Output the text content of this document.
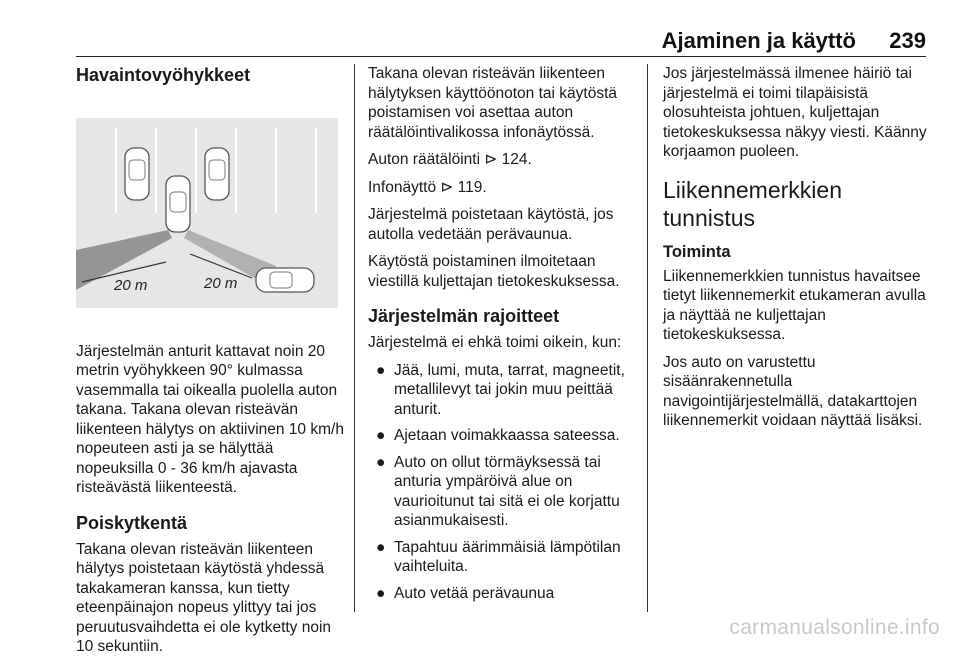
Ajaminen ja käyttö 239
Havaintovyöhykkeet
20 m	20 m

Järjestelmän anturit kattavat noin 20 metrin vyöhykkeen 90° kulmassa vasemmalla tai oikealla puolella auton takana. Takana olevan risteävän liikenteen hälytys on aktiivinen 10 km/h nopeuteen asti ja se hälyttää nopeuksilla 0 - 36 km/h ajavasta risteävästä liikenteestä.

Poiskytkentä

Takana olevan risteävän liikenteen hälytys poistetaan käytöstä yhdessä takakameran kanssa, kun tietty eteenpäinajon nopeus ylittyy tai jos peruutusvaihdetta ei ole kytketty noin 10 sekuntiin.

Takana olevan risteävän liikenteen hälytyksen käyttöönoton tai käytöstä poistamisen voi asettaa auton räätälöintivalikossa infonäytössä.

Auton räätälöinti ⊳ 124.

Infonäyttö ⊳ 119.

Järjestelmä poistetaan käytöstä, jos autolla vedetään perävaunua.

Käytöstä poistaminen ilmoitetaan viestillä kuljettajan tietokeskuksessa.

Järjestelmän rajoitteet

Järjestelmä ei ehkä toimi oikein, kun:

● Jää, lumi, muta, tarrat, magneetit, metallilevyt tai jokin muu peittää anturit.
● Ajetaan voimakkaassa sateessa.
● Auto on ollut törmäyksessä tai anturia ympäröivä alue on vaurioitunut tai sitä ei ole korjattu asianmukaisesti.
● Tapahtuu äärimmäisiä lämpötilan vaihteluita.
● Auto vetää perävaunua

Jos järjestelmässä ilmenee häiriö tai järjestelmä ei toimi tilapäisistä olosuhteista johtuen, kuljettajan tietokeskuksessa näkyy viesti. Käänny korjaamon puoleen.

Liikennemerkkien tunnistus
Toiminta

Liikennemerkkien tunnistus havaitsee tietyt liikennemerkit etukameran avulla ja näyttää ne kuljettajan tietokeskuksessa.

Jos auto on varustettu sisäänrakennetulla navigointijärjestelmällä, datakarttojen liikennemerkit voidaan näyttää lisäksi.

carmanualsonline.info
